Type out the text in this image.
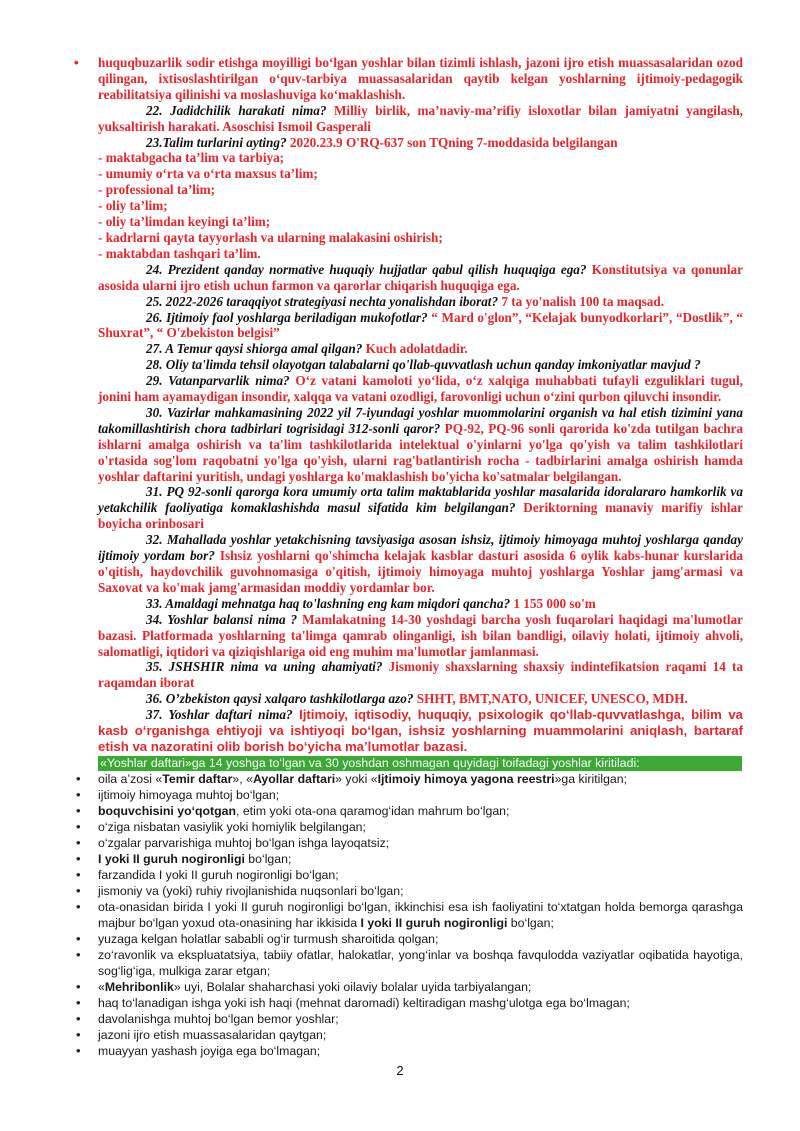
• huquqbuzarlik sodir etishga moyilligi bo‘lgan yoshlar bilan tizimli ishlash, jazoni ijro etish muassasalaridan ozod qilingan, ixtisoslashtirilgan o‘quv-tarbiya muassasalaridan qaytib kelgan yoshlarning ijtimoiy-pedagogik reabilitatsiya qilinishi va moslashuviga ko‘maklashish.

22. Jadidchilik harakati nima? Milliy birlik, ma’naviy-ma’rifiy isloxotlar bilan jamiyatni yangilash, yuksaltirish harakati. Asoschisi Ismoil Gasperali

23.Talim turlarini ayting? 2020.23.9 O'RQ-637 son TQning 7-moddasida belgilangan

- maktabgacha ta’lim va tarbiya;

- umumiy o‘rta va o‘rta maxsus ta’lim;

- professional ta’lim;

- oliy ta’lim;

- oliy ta’limdan keyingi ta’lim;

- kadrlarni qayta tayyorlash va ularning malakasini oshirish;

- maktabdan tashqari ta’lim.

24. Prezident qanday normative huquqiy hujjatlar qabul qilish huquqiga ega? Konstitutsiya va qonunlar asosida ularni ijro etish uchun farmon va qarorlar chiqarish huquqiga ega.

25. 2022-2026 taraqqiyot strategiyasi nechta yonalishdan iborat? 7 ta yo'nalish 100 ta maqsad.

26. Ijtimoiy faol yoshlarga beriladigan mukofotlar? “ Mard o'glon”, “Kelajak bunyodkorlari”, “Dostlik”, “ Shuxrat”, “ O'zbekiston belgisi”

27. A Temur qaysi shiorga amal qilgan? Kuch adolatdadir.

28. Oliy ta'limda tehsil olayotgan talabalarni qo'llab-quvvatlash uchun qanday imkoniyatlar mavjud ?

29. Vatanparvarlik nima? O‘z vatani kamoloti yo‘lida, o‘z xalqiga muhabbati tufayli ezguliklari tugul, jonini ham ayamaydigan insondir, xalqqa va vatani ozodligi, farovonligi uchun o‘zini qurbon qiluvchi insondir.

30. Vazirlar mahkamasining 2022 yil 7-iyundagi yoshlar muommolarini organish va hal etish tizimini yana takomillashtirish chora tadbirlari togrisidagi 312-sonli qaror? PQ-92, PQ-96 sonli qarorida ko'zda tutilgan bachra ishlarni amalga oshirish va ta'lim tashkilotlarida intelektual o'yinlarni yo'lga qo'yish va talim tashkilotlari o'rtasida sog'lom raqobatni yo'lga qo'yish, ularni rag'batlantirish rocha - tadbirlarini amalga oshirish hamda yoshlar daftarini yuritish, undagi yoshlarga ko'maklashish bo'yicha ko'satmalar belgilangan.

31. PQ 92-sonli qarorga kora umumiy orta talim maktablarida yoshlar masalarida idoralararo hamkorlik va yetakchilik faoliyatiga komaklashishda masul sifatida kim belgilangan? Deriktorning manaviy marifiy ishlar boyicha orinbosari

32. Mahallada yoshlar yetakchisning tavsiyasiga asosan ishsiz, ijtimoiy himoyaga muhtoj yoshlarga qanday ijtimoiy yordam bor? Ishsiz yoshlarni qo'shimcha kelajak kasblar dasturi asosida 6 oylik kabs-hunar kurslarida o'qitish, haydovchilik guvohnomasiga o'qitish, ijtimoiy himoyaga muhtoj yoshlarga Yoshlar jamg'armasi va Saxovat va ko'mak jamg'armasidan moddiy yordamlar bor.

33. Amaldagi mehnatga haq to'lashning eng kam miqdori qancha? 1 155 000 so'm

34. Yoshlar balansi nima ? Mamlakatning 14-30 yoshdagi barcha yosh fuqarolari haqidagi ma'lumotlar bazasi. Platformada yoshlarning ta'limga qamrab olinganligi, ish bilan bandligi, oilaviy holati, ijtimoiy ahvoli, salomatligi, iqtidori va qiziqishlariga oid eng muhim ma'lumotlar jamlanmasi.

35. JSHSHIR nima va uning ahamiyati? Jismoniy shaxslarning shaxsiy indintefikatsion raqami 14 ta raqamdan iborat

36. O’zbekiston qaysi xalqaro tashkilotlarga azo? SHHT, BMT,NATO, UNICEF, UNESCO, MDH.

37. Yoshlar daftari nima? Ijtimoiy, iqtisodiy, huquqiy, psixologik qo‘llab-quvvatlashga, bilim va kasb o‘rganishga ehtiyoji va ishtiyoqi bo‘lgan, ishsiz yoshlarning muammolarini aniqlash, bartaraf etish va nazoratini olib borish bo‘yicha ma’lumotlar bazasi.

«Yoshlar daftari»ga 14 yoshga to‘lgan va 30 yoshdan oshmagan quyidagi toifadagi yoshlar kiritiladi:
• oila a’zosi «Temir daftar», «Ayollar daftari» yoki «Ijtimoiy himoya yagona reestri»ga kiritilgan;
• ijtimoiy himoyaga muhtoj bo‘lgan;
• boquvchisini yo‘qotgan, etim yoki ota-ona qaramog‘idan mahrum bo‘lgan;
• o‘ziga nisbatan vasiylik yoki homiylik belgilangan;
• o‘zgalar parvarishiga muhtoj bo‘lgan ishga layoqatsiz;
• I yoki II guruh nogironligi bo‘lgan;
• farzandida I yoki II guruh nogironligi bo‘lgan;
• jismoniy va (yoki) ruhiy rivojlanishida nuqsonlari bo‘lgan;
• ota-onasidan birida I yoki II guruh nogironligi bo‘lgan, ikkinchisi esa ish faoliyatini to‘xtatgan holda bemorga qarashga majbur bo‘lgan yoxud ota-onasining har ikkisida I yoki II guruh nogironligi bo‘lgan;
• yuzaga kelgan holatlar sababli og‘ir turmush sharoitida qolgan;
• zo‘ravonlik va ekspluatatsiya, tabiiy ofatlar, halokatlar, yong‘inlar va boshqa favqulodda vaziyatlar oqibatida hayotiga, sog‘lig‘iga, mulkiga zarar etgan;
• «Mehribonlik» uyi, Bolalar shaharchasi yoki oilaviy bolalar uyida tarbiyalangan;
• haq to‘lanadigan ishga yoki ish haqi (mehnat daromadi) keltiradigan mashg‘ulotga ega bo‘lmagan;
• davolanishga muhtoj bo‘lgan bemor yoshlar;
• jazoni ijro etish muassasalaridan qaytgan;
• muayyan yashash joyiga ega bo‘lmagan;
2
